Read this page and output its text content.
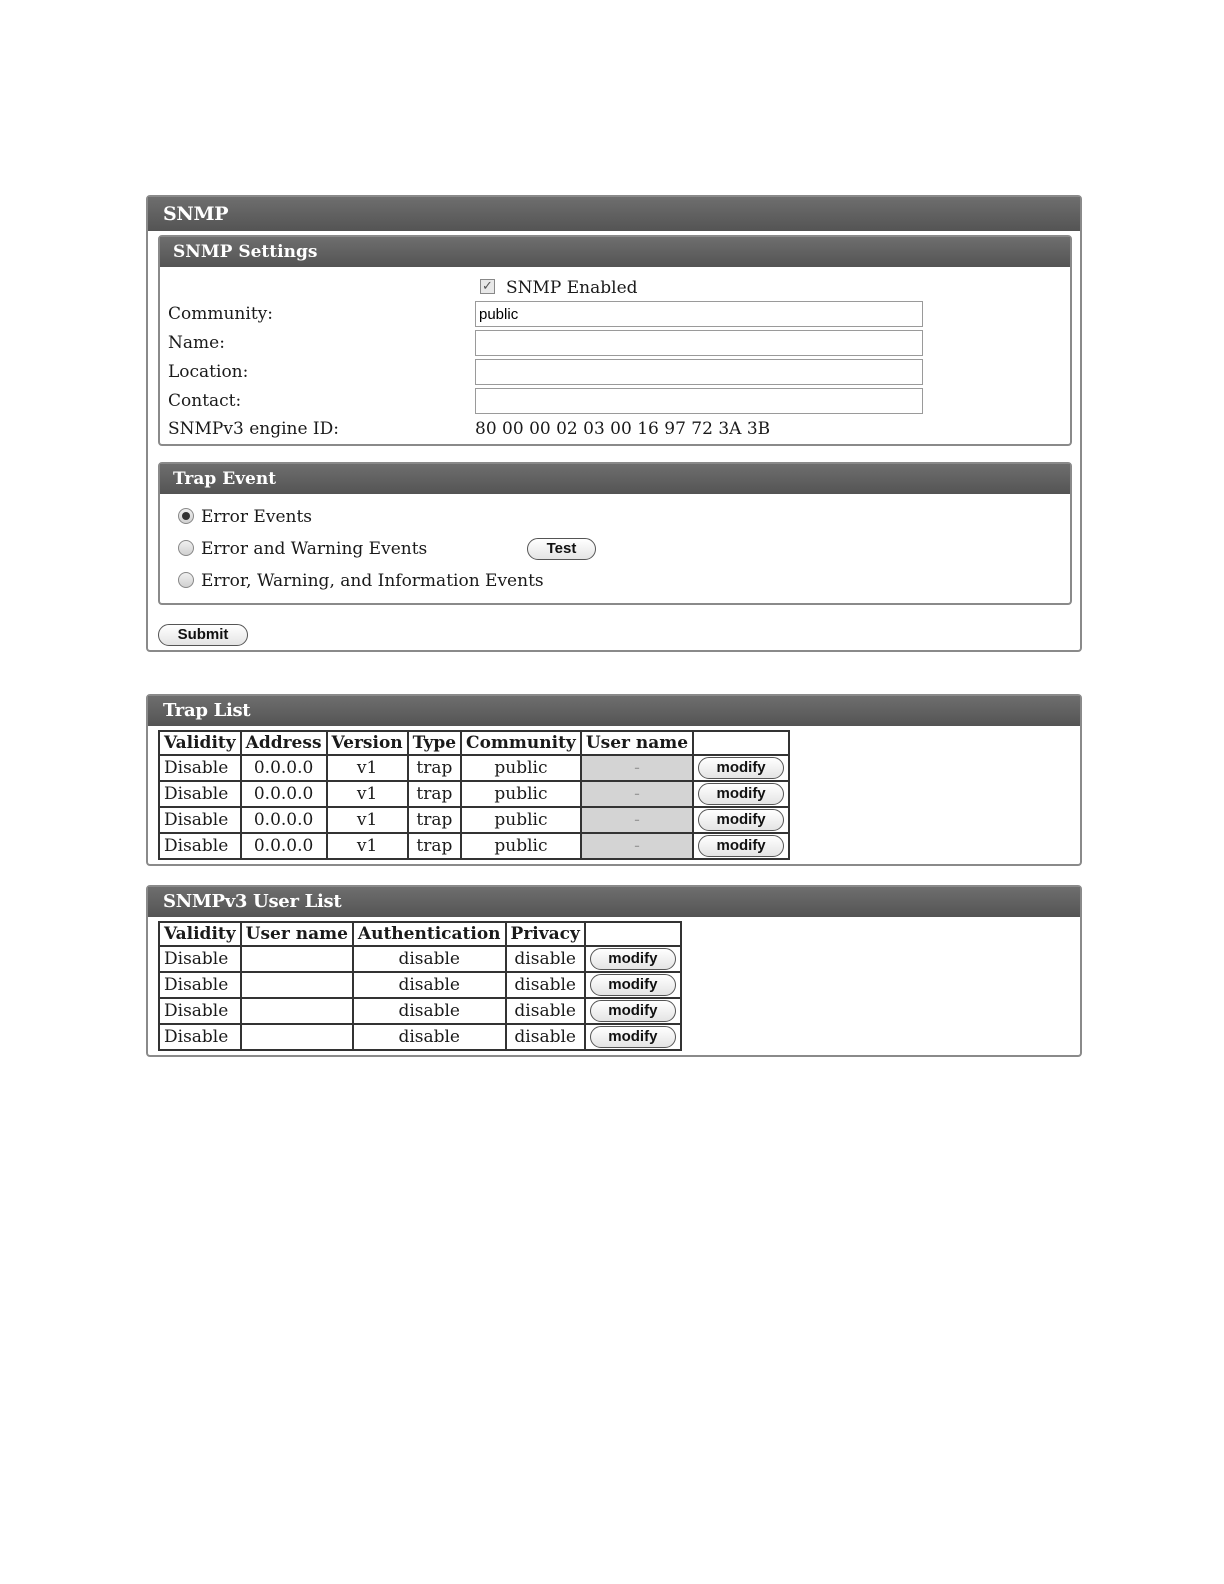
SNMP
SNMP Settings
✓ SNMP Enabled
Community:
public
Name:
Location:
Contact:
SNMPv3 engine ID:	80 00 00 02 03 00 16 97 72 3A 3B
Trap Event
Error Events
Error and Warning Events
Error, Warning, and Information Events
Test
Submit
Trap List
Validity	Address	Version	Type	Community	User name	
Disable	0.0.0.0	v1	trap	public	-	modify
Disable	0.0.0.0	v1	trap	public	-	modify
Disable	0.0.0.0	v1	trap	public	-	modify
Disable	0.0.0.0	v1	trap	public	-	modify
SNMPv3 User List
Validity	User name	Authentication	Privacy	
Disable		disable	disable	modify
Disable		disable	disable	modify
Disable		disable	disable	modify
Disable		disable	disable	modify
